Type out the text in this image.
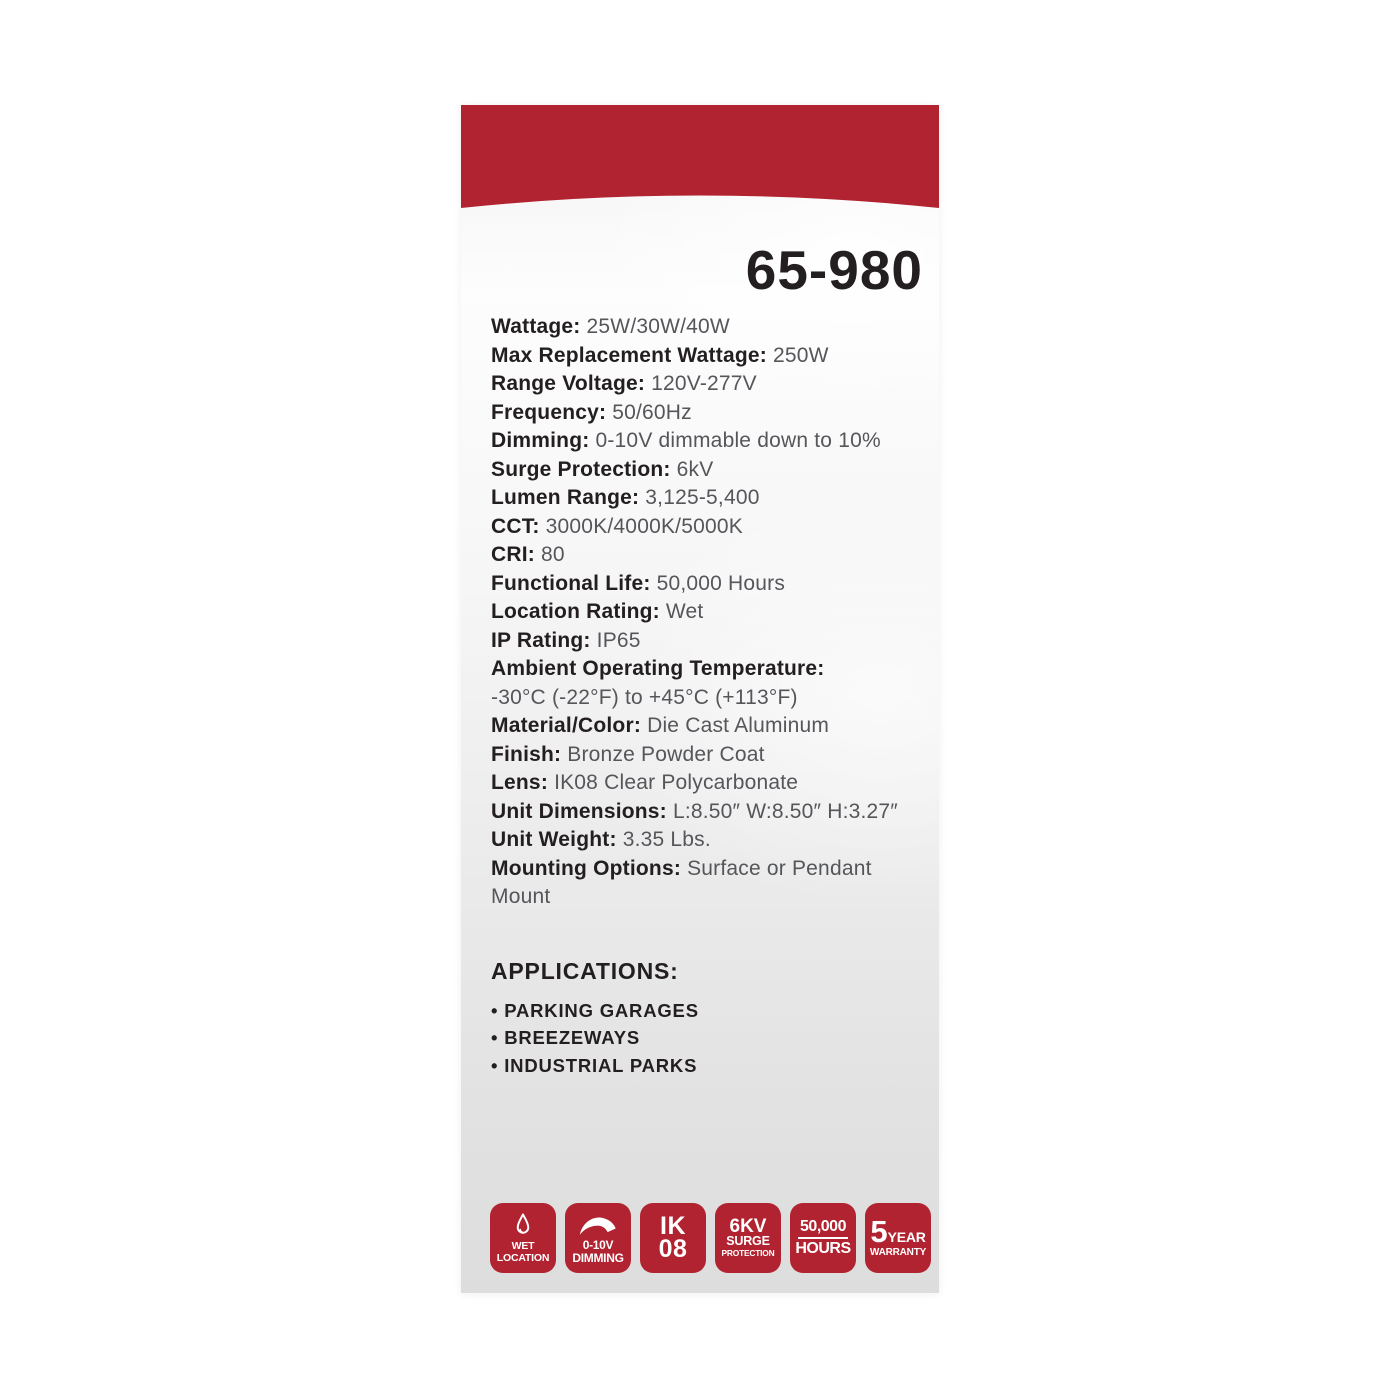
65-980
Wattage: 25W/30W/40W
Max Replacement Wattage: 250W
Range Voltage: 120V-277V
Frequency: 50/60Hz
Dimming: 0-10V dimmable down to 10%
Surge Protection: 6kV
Lumen Range: 3,125-5,400
CCT: 3000K/4000K/5000K
CRI: 80
Functional Life: 50,000 Hours
Location Rating: Wet
IP Rating: IP65
Ambient Operating Temperature:
-30°C (-22°F) to +45°C (+113°F)
Material/Color: Die Cast Aluminum
Finish: Bronze Powder Coat
Lens: IK08 Clear Polycarbonate
Unit Dimensions: L:8.50″ W:8.50″ H:3.27″
Unit Weight: 3.35 Lbs.
Mounting Options: Surface or Pendant Mount
APPLICATIONS:
• PARKING GARAGES
• BREEZEWAYS
• INDUSTRIAL PARKS
WET
LOCATION
0-10V
DIMMING
IK
08
6KV
SURGE
PROTECTION
50,000
HOURS 5 YEAR
WARRANTY
